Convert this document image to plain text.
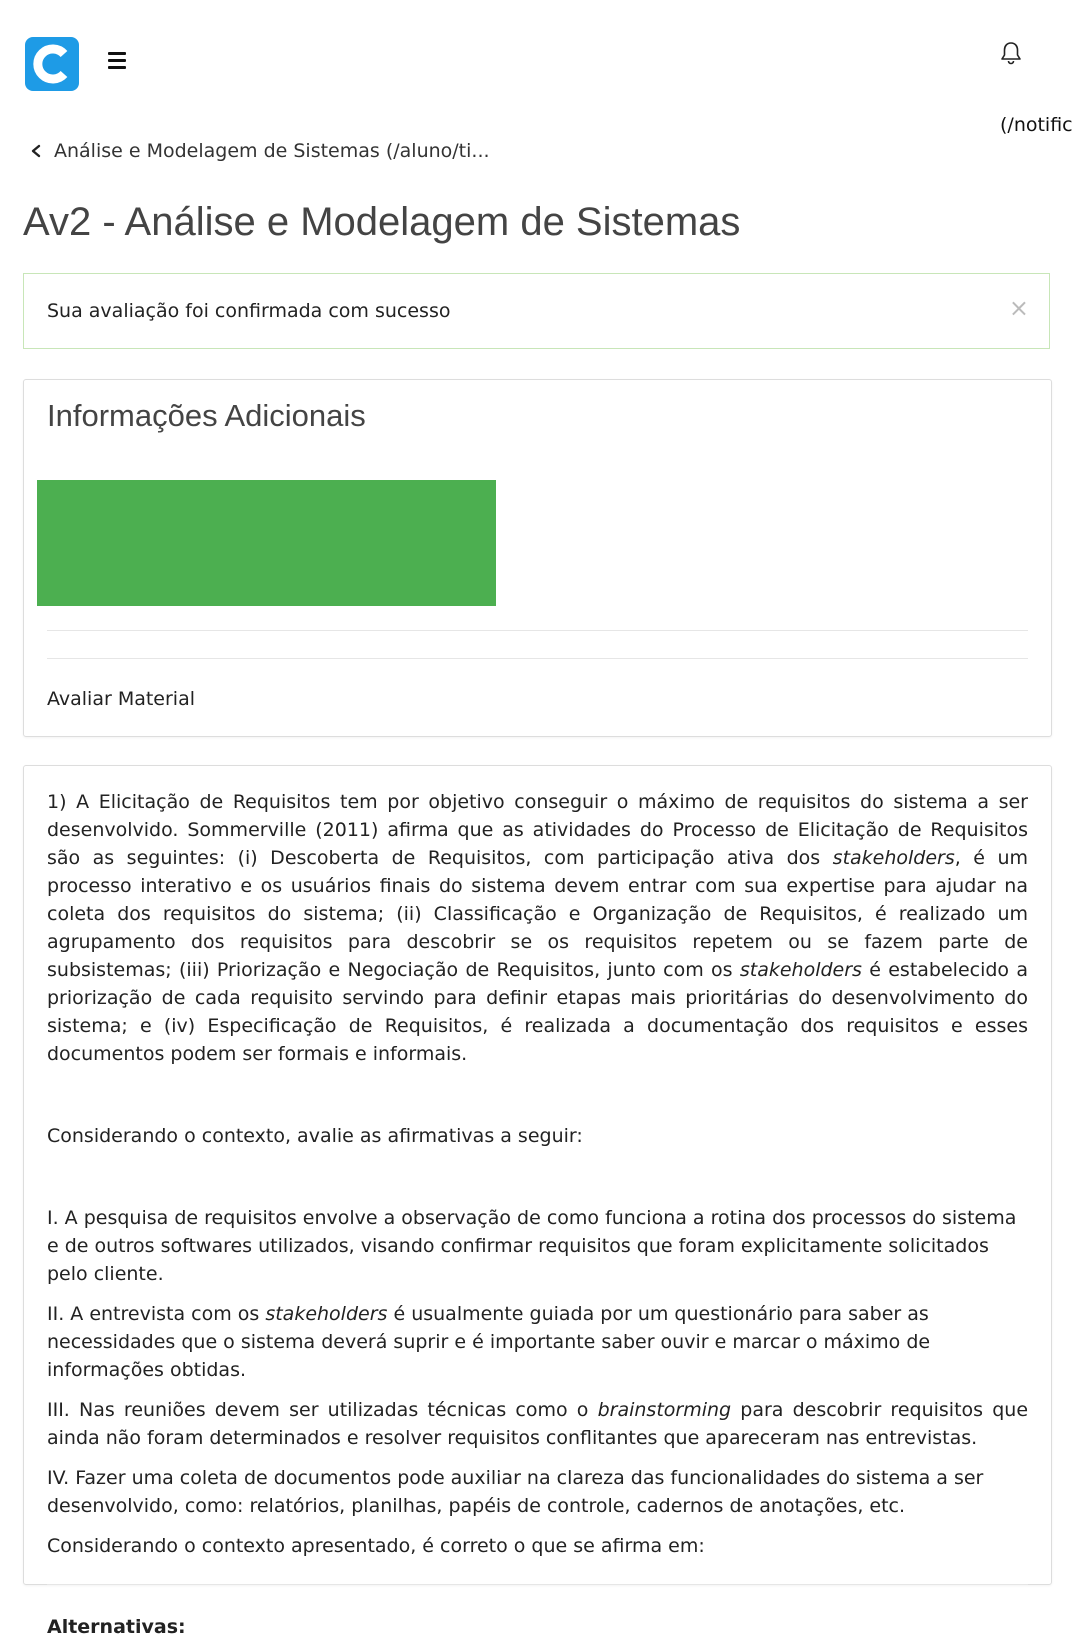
(/notific
Análise e Modelagem de Sistemas (/aluno/ti...
Av2 - Análise e Modelagem de Sistemas
Sua avaliação foi confirmada com sucesso	×
Informações Adicionais
Avaliar Material

1) A Elicitação de Requisitos tem por objetivo conseguir o máximo de requisitos do sistema a ser desenvolvido. Sommerville (2011) afirma que as atividades do Processo de Elicitação de Requisitos são as seguintes: (i) Descoberta de Requisitos, com participação ativa dos stakeholders, é um processo interativo e os usuários finais do sistema devem entrar com sua expertise para ajudar na coleta dos requisitos do sistema; (ii) Classificação e Organização de Requisitos, é realizado um agrupamento dos requisitos para descobrir se os requisitos repetem ou se fazem parte de subsistemas; (iii) Priorização e Negociação de Requisitos, junto com os stakeholders é estabelecido a priorização de cada requisito servindo para definir etapas mais prioritárias do desenvolvimento do sistema; e (iv) Especificação de Requisitos, é realizada a documentação dos requisitos e esses documentos podem ser formais e informais.

Considerando o contexto, avalie as afirmativas a seguir:

I. A pesquisa de requisitos envolve a observação de como funciona a rotina dos processos do sistema e de outros softwares utilizados, visando confirmar requisitos que foram explicitamente solicitados pelo cliente.

II. A entrevista com os stakeholders é usualmente guiada por um questionário para saber as necessidades que o sistema deverá suprir e é importante saber ouvir e marcar o máximo de informações obtidas.

III. Nas reuniões devem ser utilizadas técnicas como o brainstorming para descobrir requisitos que ainda não foram determinados e resolver requisitos conflitantes que apareceram nas entrevistas.

IV. Fazer uma coleta de documentos pode auxiliar na clareza das funcionalidades do sistema a ser desenvolvido, como: relatórios, planilhas, papéis de controle, cadernos de anotações, etc.

Considerando o contexto apresentado, é correto o que se afirma em:

Alternativas:
